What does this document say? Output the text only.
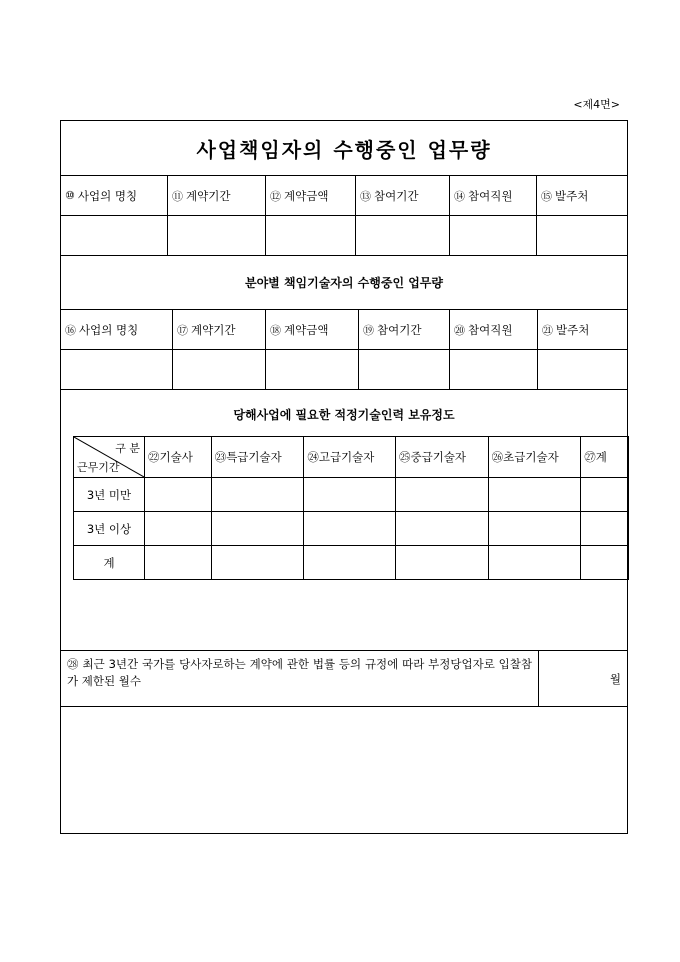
<제4면>
사업책임자의 수행중인 업무량
⑩ 사업의 명칭	⑪ 계약기간	⑫ 계약금액	⑬ 참여기간	⑭ 참여직원	⑮ 발주처
분야별 책임기술자의 수행중인 업무량
⑯ 사업의 명칭	⑰ 계약기간	⑱ 계약금액	⑲ 참여기간	⑳ 참여직원	㉑ 발주처
당해사업에 필요한 적정기술인력 보유정도
구 분
근무기간	㉒기술사	㉓특급기술자	㉔고급기술자	㉕중급기술자	㉖초급기술자	㉗계
3년 미만						
3년 이상						
계						
㉘ 최근 3년간 국가를 당사자로하는 계약에 관한 법률 등의 규정에 따라 부정당업자로 입찰참가 제한된 월수	월
